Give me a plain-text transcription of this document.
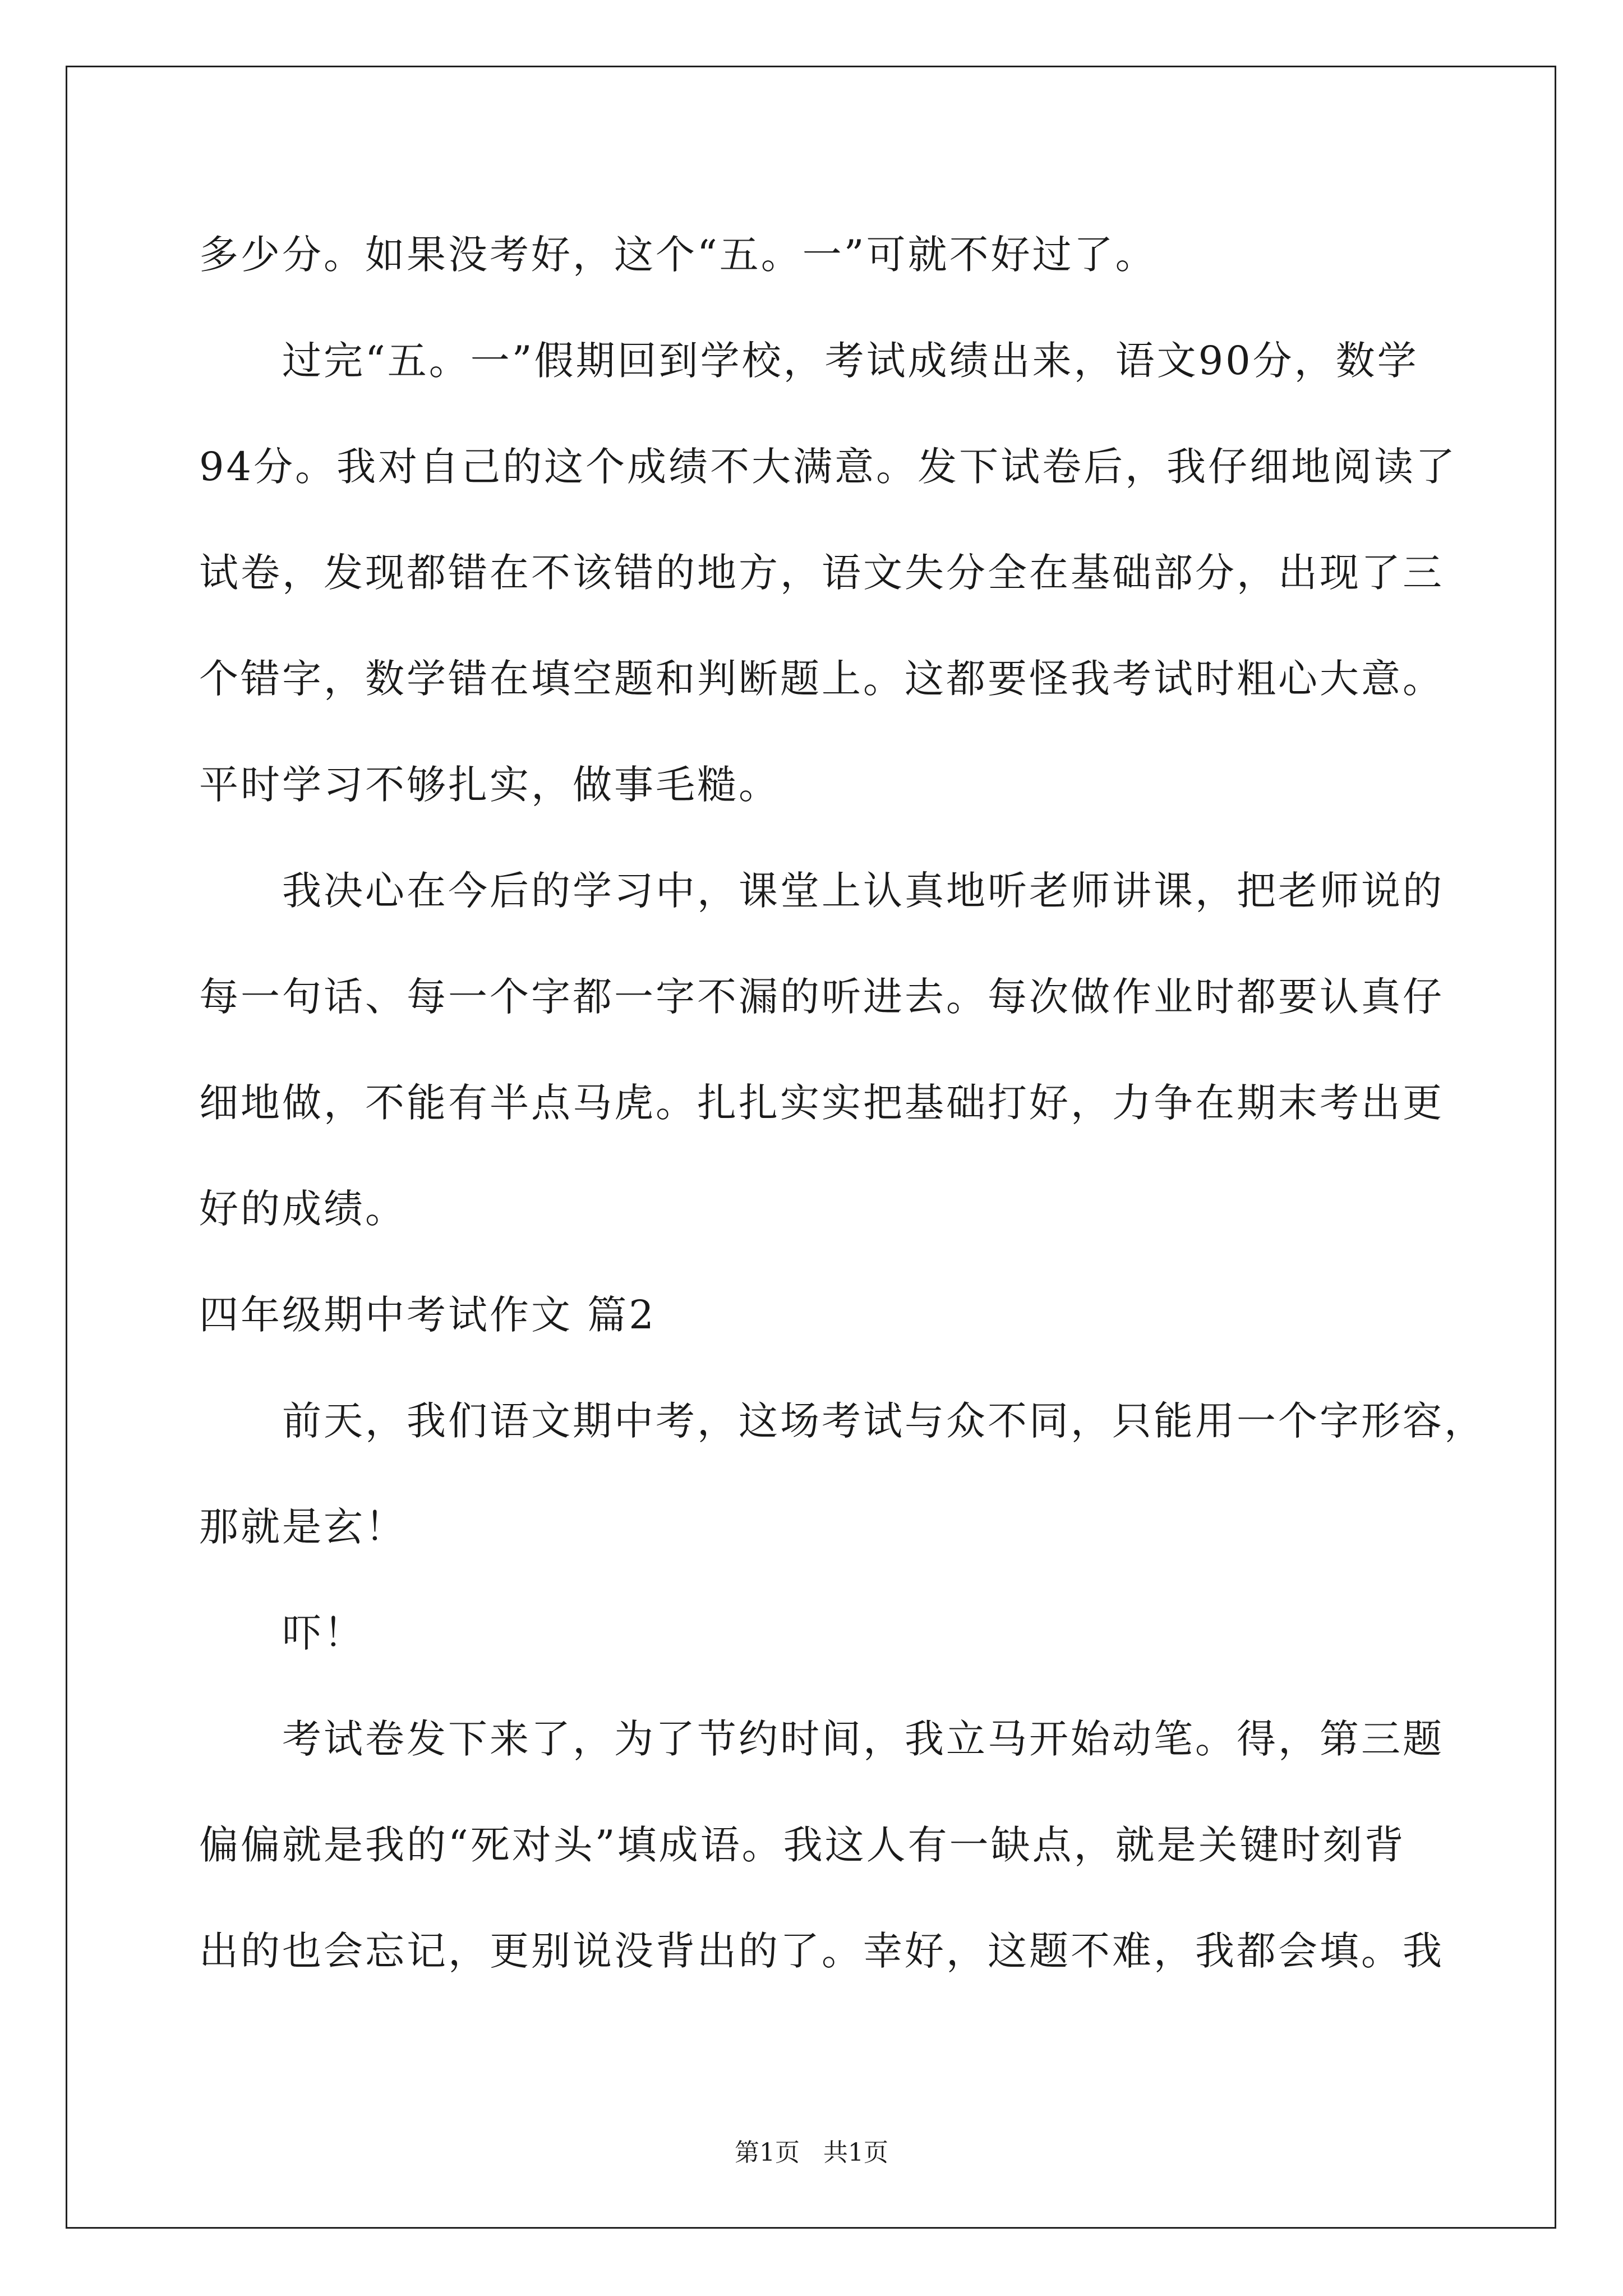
多少分。如果没考好，这个“五。一”可就不好过了。
过完“五。一”假期回到学校，考试成绩出来，语文90分，数学
94分。我对自己的这个成绩不大满意。发下试卷后，我仔细地阅读了
试卷，发现都错在不该错的地方，语文失分全在基础部分，出现了三
个错字，数学错在填空题和判断题上。这都要怪我考试时粗心大意。
平时学习不够扎实，做事毛糙。
我决心在今后的学习中，课堂上认真地听老师讲课，把老师说的
每一句话、每一个字都一字不漏的听进去。每次做作业时都要认真仔
细地做，不能有半点马虎。扎扎实实把基础打好，力争在期末考出更
好的成绩。
四年级期中考试作文 篇2
前天，我们语文期中考，这场考试与众不同，只能用一个字形容，
那就是玄！
吓！
考试卷发下来了，为了节约时间，我立马开始动笔。得，第三题
偏偏就是我的“死对头”填成语。我这人有一缺点，就是关键时刻背
出的也会忘记，更别说没背出的了。幸好，这题不难，我都会填。我
第1页   共1页
